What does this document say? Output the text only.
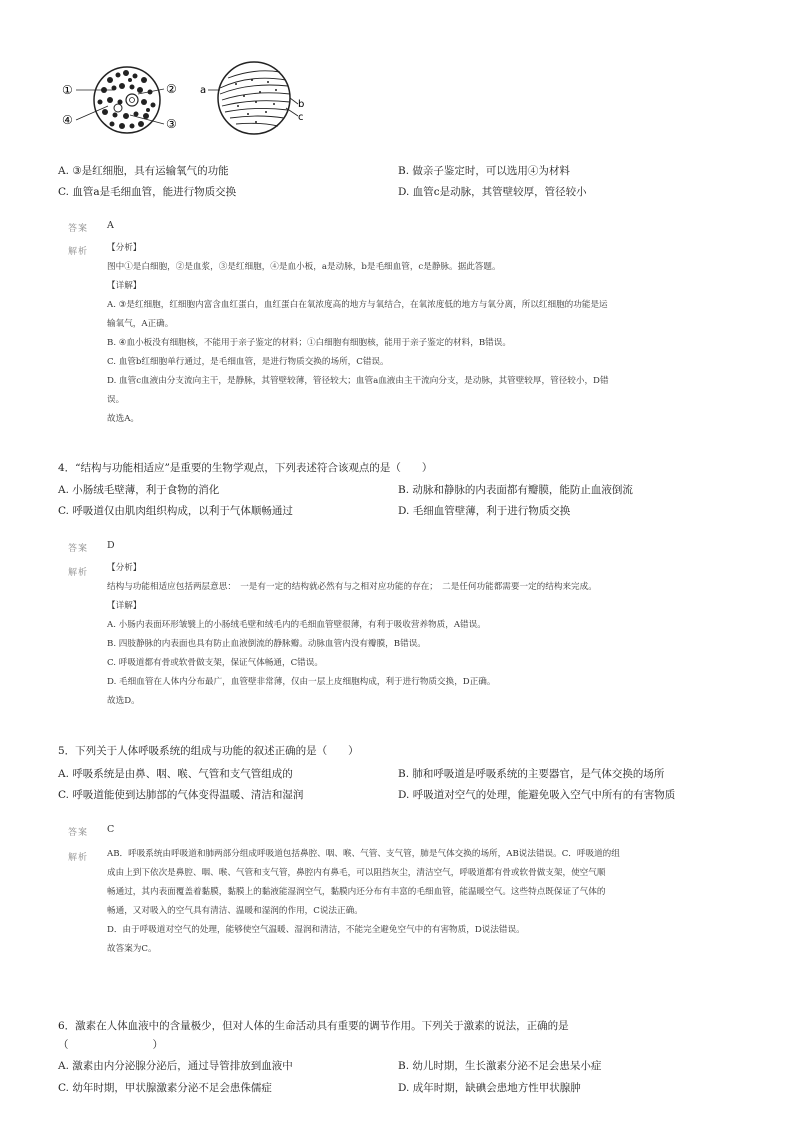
①	②
③
④
a
b
c
A. ③是红细胞，具有运输氧气的功能	B. 做亲子鉴定时，可以选用④为材料
C. 血管a是毛细血管，能进行物质交换	D. 血管c是动脉，其管壁较厚，管径较小
答案 A
解析 【分析】
图中①是白细胞，②是血浆，③是红细胞，④是血小板，a是动脉，b是毛细血管，c是静脉。据此答题。
【详解】
A. ③是红细胞，红细胞内富含血红蛋白，血红蛋白在氧浓度高的地方与氧结合，在氧浓度低的地方与氧分离，所以红细胞的功能是运
输氧气，A正确。
B. ④血小板没有细胞核，不能用于亲子鉴定的材料；①白细胞有细胞核，能用于亲子鉴定的材料，B错误。
C. 血管b红细胞单行通过，是毛细血管，是进行物质交换的场所，C错误。
D. 血管c血液由分支流向主干，是静脉，其管壁较薄，管径较大；血管a血液由主干流向分支，是动脉，其管壁较厚，管径较小，D错
误。
故选A。
4．“结构与功能相适应”是重要的生物学观点，下列表述符合该观点的是（　　）
A. 小肠绒毛壁薄，利于食物的消化	B. 动脉和静脉的内表面都有瓣膜，能防止血液倒流
C. 呼吸道仅由肌肉组织构成，以利于气体顺畅通过	D. 毛细血管壁薄，利于进行物质交换
答案 D
解析 【分析】
结构与功能相适应包括两层意思：　一是有一定的结构就必然有与之相对应功能的存在；　二是任何功能都需要一定的结构来完成。
【详解】
A. 小肠内表面环形皱襞上的小肠绒毛壁和绒毛内的毛细血管壁很薄，有利于吸收营养物质，A错误。
B. 四肢静脉的内表面也具有防止血液倒流的静脉瓣。动脉血管内没有瓣膜，B错误。
C. 呼吸道都有骨或软骨做支架，保证气体畅通，C错误。
D. 毛细血管在人体内分布最广，血管壁非常薄，仅由一层上皮细胞构成，利于进行物质交换，D正确。
故选D。
5．下列关于人体呼吸系统的组成与功能的叙述正确的是（　　）
A. 呼吸系统是由鼻、咽、喉、气管和支气管组成的	B. 肺和呼吸道是呼吸系统的主要器官，是气体交换的场所
C. 呼吸道能使到达肺部的气体变得温暖、清洁和湿润	D. 呼吸道对空气的处理，能避免吸入空气中所有的有害物质
答案 C
解析 AB．呼吸系统由呼吸道和肺两部分组成呼吸道包括鼻腔、咽、喉、气管、支气管，肺是气体交换的场所，AB说法错误。C．呼吸道的组
成由上到下依次是鼻腔、咽、喉、气管和支气管，鼻腔内有鼻毛，可以阻挡灰尘，清洁空气，呼吸道都有骨或软骨做支架，使空气顺
畅通过，其内表面覆盖着黏膜，黏膜上的黏液能湿润空气，黏膜内还分布有丰富的毛细血管，能温暖空气。这些特点既保证了气体的
畅通，又对吸入的空气具有清洁、温暖和湿润的作用，C说法正确。
D．由于呼吸道对空气的处理，能够使空气温暖、湿润和清洁，不能完全避免空气中的有害物质，D说法错误。
故答案为C。
6．激素在人体血液中的含量极少，但对人体的生命活动具有重要的调节作用。下列关于激素的说法，正确的是
（　　　　　　　　）
A. 激素由内分泌腺分泌后，通过导管排放到血液中	B. 幼儿时期，生长激素分泌不足会患呆小症
C. 幼年时期，甲状腺激素分泌不足会患侏儒症	D. 成年时期，缺碘会患地方性甲状腺肿
